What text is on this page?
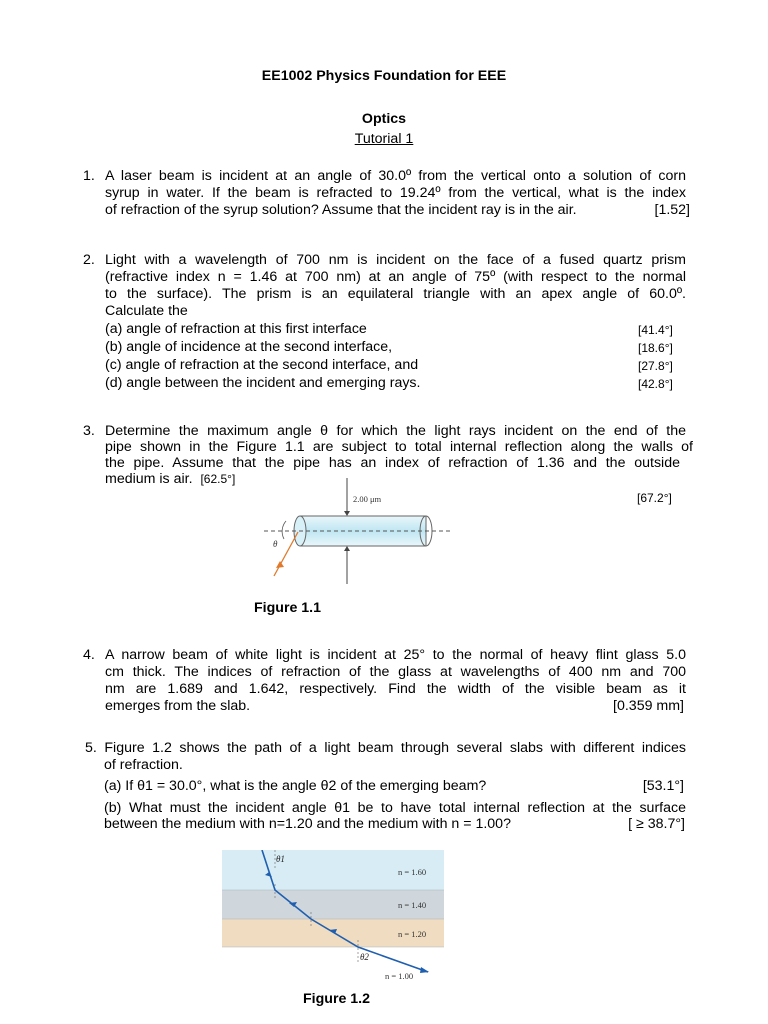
EE1002 Physics Foundation for EEE
Optics
Tutorial 1
1. A laser beam is incident at an angle of 30.0º from the vertical onto a solution of corn
syrup in water. If the beam is refracted to 19.24º from the vertical, what is the index
of refraction of the syrup solution? Assume that the incident ray is in the air.	[1.52]
2. Light with a wavelength of 700 nm is incident on the face of a fused quartz prism
(refractive index n = 1.46 at 700 nm) at an angle of 75º (with respect to the normal
to the surface). The prism is an equilateral triangle with an apex angle of 60.0º.
Calculate the
(a) angle of refraction at this first interface	[41.4°]
(b) angle of incidence at the second interface,	[18.6°]
(c) angle of refraction at the second interface, and	[27.8°]
(d) angle between the incident and emerging rays.	[42.8°]
3. Determine the maximum angle θ for which the light rays incident on the end of the
pipe shown in the Figure 1.1 are subject to total internal reflection along the walls of
the pipe. Assume that the pipe has an index of refraction of 1.36 and the outside
medium is air. [62.5°]
[67.2°]
2.00 μm
θ
Figure 1.1
4. A narrow beam of white light is incident at 25° to the normal of heavy flint glass 5.0
cm thick. The indices of refraction of the glass at wavelengths of 400 nm and 700
nm are 1.689 and 1.642, respectively. Find the width of the visible beam as it
emerges from the slab.	[0.359 mm]
5. Figure 1.2 shows the path of a light beam through several slabs with different indices
of refraction.
(a) If θ1 = 30.0°, what is the angle θ2 of the emerging beam?	[53.1°]
(b) What must the incident angle θ1 be to have total internal reflection at the surface
between the medium with n=1.20 and the medium with n = 1.00?	[ ≥ 38.7°]
θ1
θ2
n = 1.60
n = 1.40
n = 1.20
n = 1.00
Figure 1.2
